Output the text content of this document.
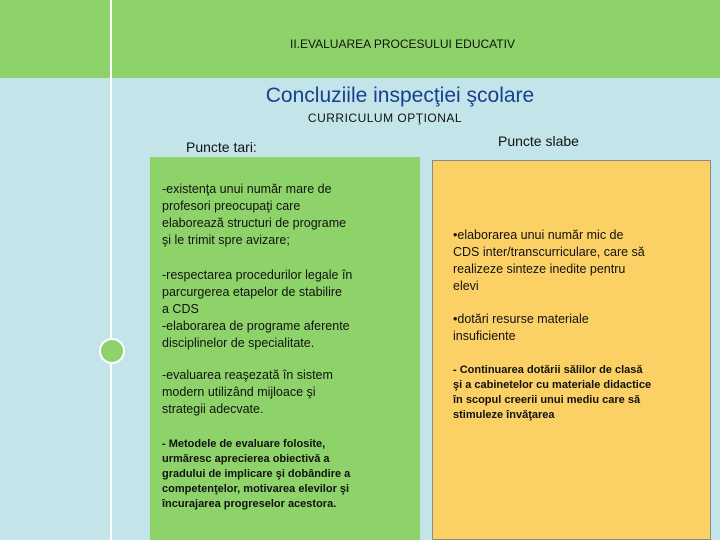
II.EVALUAREA PROCESULUI EDUCATIV
Concluziile inspecţiei şcolare
CURRICULUM OPŢIONAL
Puncte tari:	Puncte slabe

-existenţa unui număr mare de
profesori preocupaţi care
elaborează structuri de programe
şi le trimit spre avizare;

-respectarea procedurilor legale în
parcurgerea etapelor de stabilire
a CDS
-elaborarea de programe aferente
disciplinelor de specialitate.

-evaluarea reaşezată în sistem
modern utilizând mijloace şi
strategii adecvate.

- Metodele de evaluare folosite,
urmăresc aprecierea obiectivă a
gradului de implicare şi dobândire a
competenţelor, motivarea elevilor şi
încurajarea progreselor acestora.

•elaborarea unui număr mic de
CDS inter/transcurriculare, care să
realizeze sinteze inedite pentru
elevi

•dotări resurse materiale
insuficiente

- Continuarea dotării sălilor de clasă
şi a cabinetelor cu materiale didactice
în scopul creerii unui mediu care să
stimuleze învăţarea
